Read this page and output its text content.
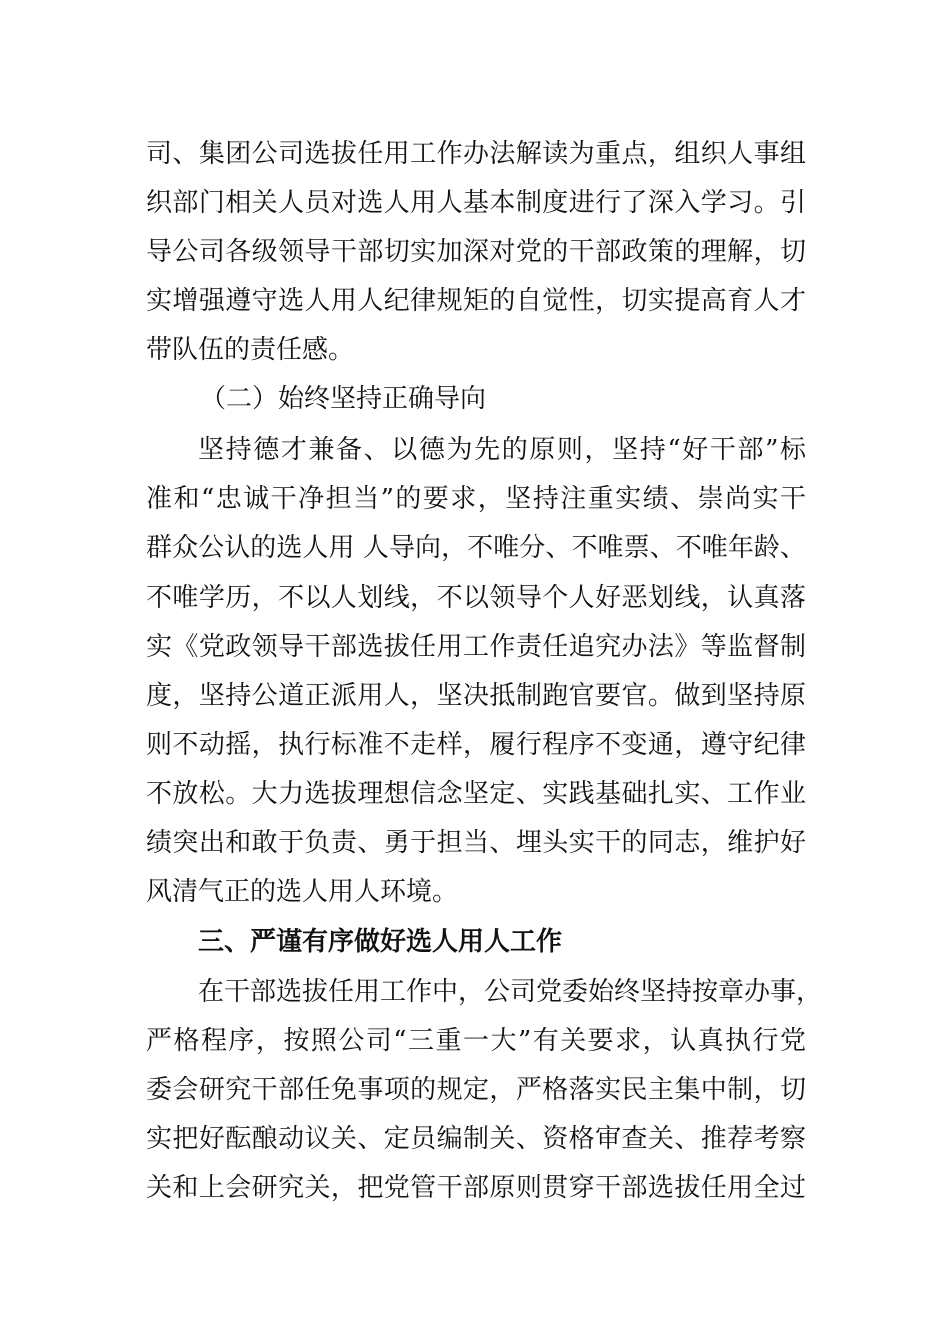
司、集团公司选拔任用工作办法解读为重点，组织人事组
织部门相关人员对选人用人基本制度进行了深入学习。引
导公司各级领导干部切实加深对党的干部政策的理解，切
实增强遵守选人用人纪律规矩的自觉性，切实提高育人才
带队伍的责任感。
（二）始终坚持正确导向
坚持德才兼备、以德为先的原则，坚持“好干部”标
准和“忠诚干净担当”的要求，坚持注重实绩、崇尚实干
群众公认的选人用 人导向，不唯分、不唯票、不唯年龄、
不唯学历，不以人划线，不以领导个人好恶划线，认真落
实《党政领导干部选拔任用工作责任追究办法》等监督制
度，坚持公道正派用人，坚决抵制跑官要官。做到坚持原
则不动摇，执行标准不走样，履行程序不变通，遵守纪律
不放松。大力选拔理想信念坚定、实践基础扎实、工作业
绩突出和敢于负责、勇于担当、埋头实干的同志，维护好
风清气正的选人用人环境。
三、严谨有序做好选人用人工作
在干部选拔任用工作中，公司党委始终坚持按章办事，
严格程序，按照公司“三重一大”有关要求，认真执行党
委会研究干部任免事项的规定，严格落实民主集中制，切
实把好酝酿动议关、定员编制关、资格审查关、推荐考察
关和上会研究关，把党管干部原则贯穿干部选拔任用全过
